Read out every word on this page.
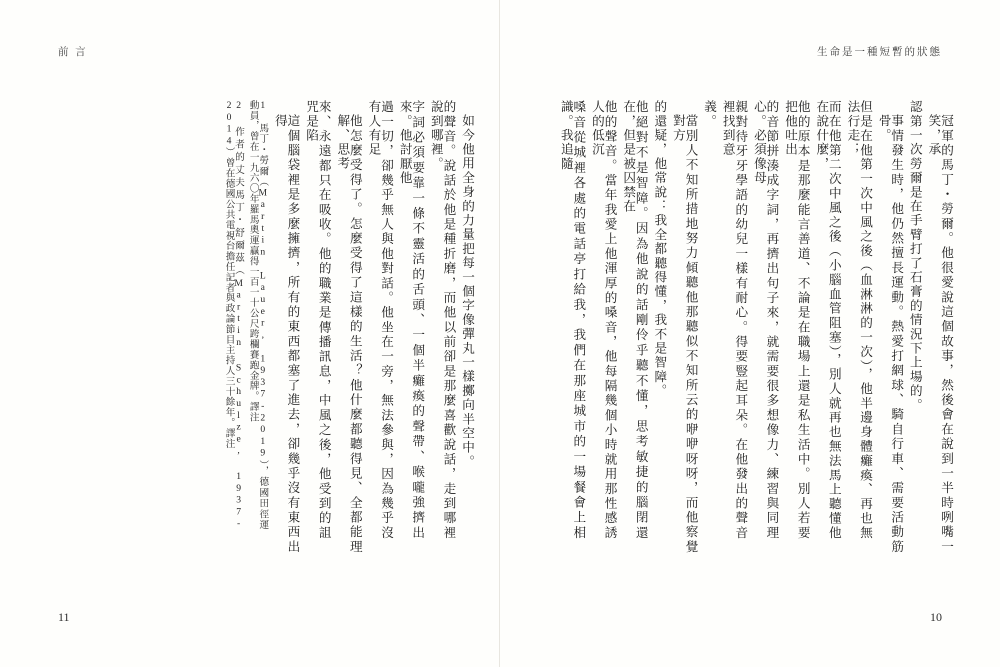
生命是一種短暫的狀態
10
冠軍的馬丁・勞爾。他很愛說這個故事，然後會在說到一半時咧嘴一笑，承
認第一次勞爾是在手臂打了石膏的情況下上場的。
事情發生時，他仍然擅長運動。熱愛打網球、騎自行車、需要活動筋骨。
但是在他第一次中風之後（血淋淋的一次），他半邊身體癱瘓、再也無法行走；
而在他第二次中風之後（小腦血管阻塞），別人就再也無法馬上聽懂他在說什麼，
他的原本是那麼能言善道、不論是在職場上還是私生活中。別人若要把他吐出
的音節拼湊成字詞，再擠出句子來，就需要很多想像力、練習與同理心。必須像母
親對待牙牙學語的幼兒一樣有耐心。得要豎起耳朵。在他發出的聲音裡找到意
義。
當別人不知所措地努力傾聽他那聽似不知所云的咿咿呀呀，而他察覺對方
的還疑，他常說：我全都聽得懂，我不是智障。
他絕對不是智障。因為他說的話剛伶乎聽不懂，思考敏捷的腦閉還在，但是被囚禁在
他的聲音。當年我愛上他渾厚的嗓音，他每隔幾個小時就用那性感誘人的低沉
嗓音從城裡各處的電話亭打給我，我們在那座城市的一場餐會上相識。我追隨
前 言
11
如今他用全身的力量把每一個字像彈丸一樣擲向半空中。
的聲音。說話於他是種折磨，而他以前卻是那麼喜歡說話，走到哪裡說到哪裡。
字詞必須要靠一條不靈活的舌頭、一個半癱瘓的聲帶、喉嚨強擠出來。他討厭他
過一切，卻幾乎無人與他對話。他坐在一旁，無法參與，因為幾乎沒有人有足
他怎麼受得了。怎麼受得了這樣的生活？他什麼都聽得見、全都能理解、思考
來、永遠都只在吸收。他的職業是傳播訊息，中風之後，他受到的詛咒是陷
這個腦袋裡是多麼擁擠，所有的東西都塞了進去，卻幾乎沒有東西出得
1　馬丁・勞爾（Martin Lauer, 1937-2019），德國田徑運動員，曾在一九六〇年羅馬奧運贏得一百一十公尺跨欄賽跑金牌。譯注
2　作者的丈夫馬丁・舒爾茲（Martin Schulze, 1937-2014）曾在德國公共電視台擔任記者與政論節目主持人三十餘年。譯注
